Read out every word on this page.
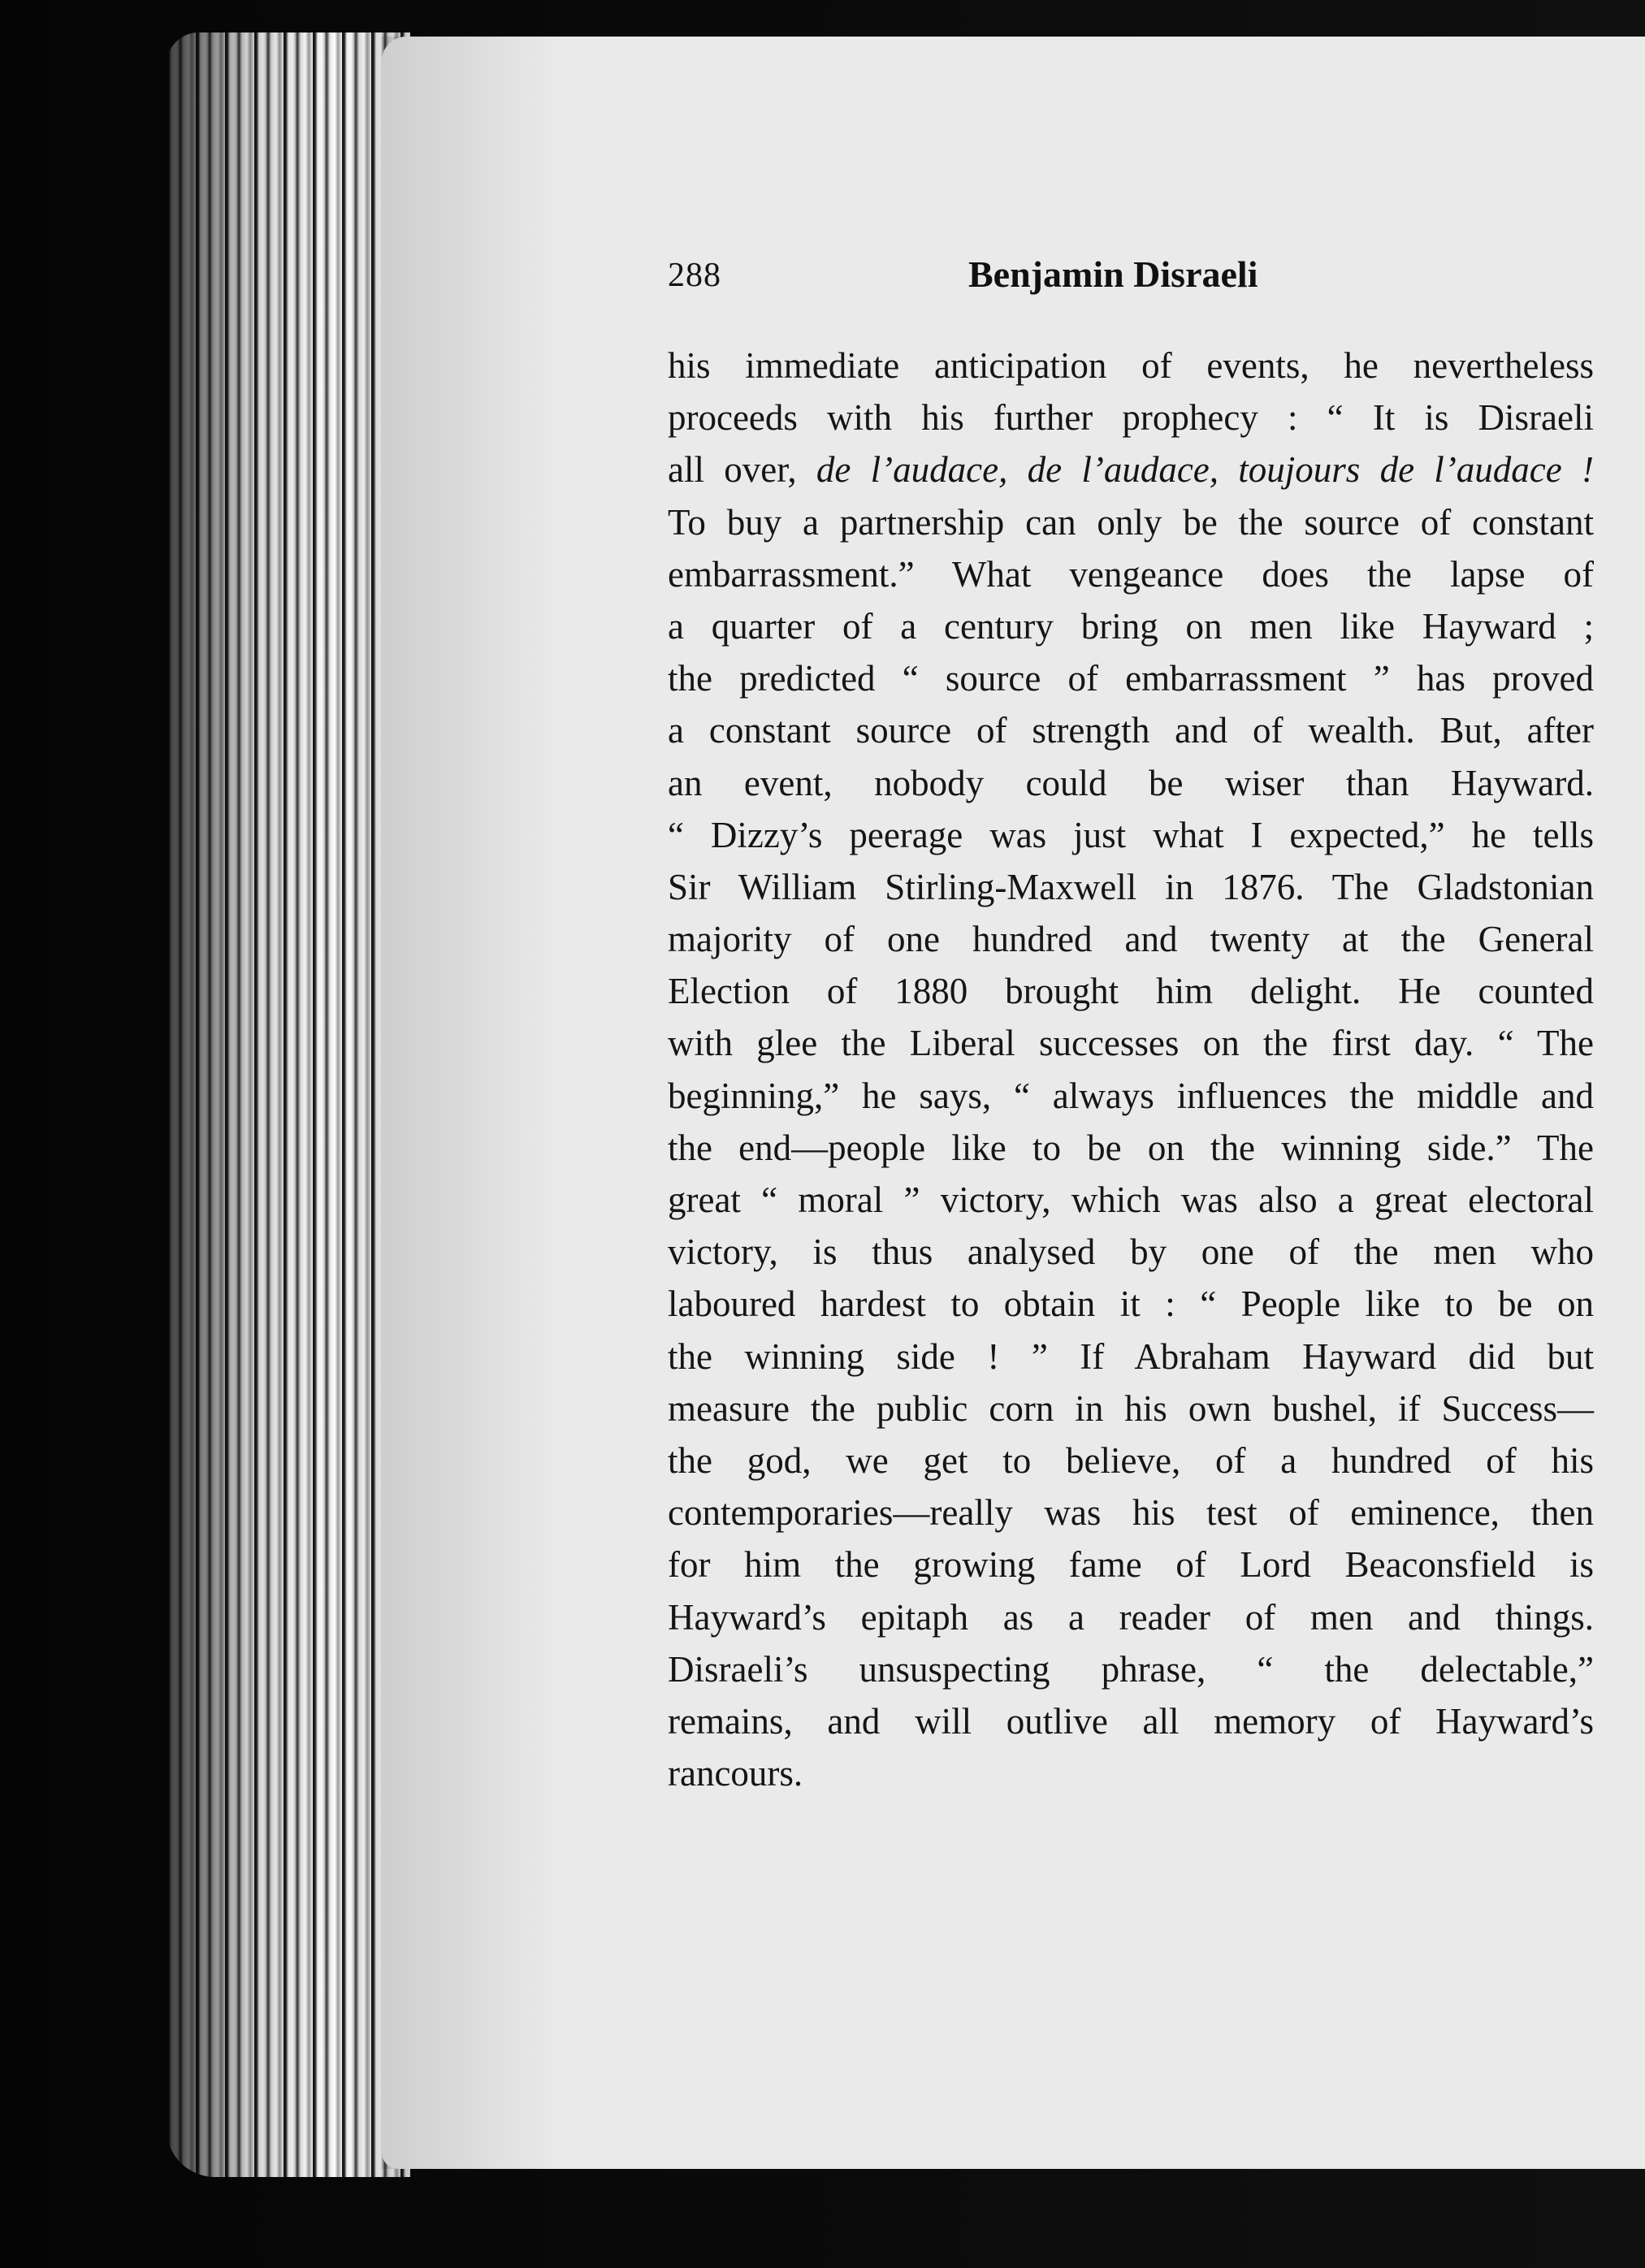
288	Benjamin Disraeli
his immediate anticipation of events, he nevertheless
proceeds with his further prophecy : “ It is Disraeli
all over, de l’audace, de l’audace, toujours de l’audace !
To buy a partnership can only be the source of constant
embarrassment.” What vengeance does the lapse of
a quarter of a century bring on men like Hayward ;
the predicted “ source of embarrassment ” has proved
a constant source of strength and of wealth. But, after
an event, nobody could be wiser than Hayward.
“ Dizzy’s peerage was just what I expected,” he tells
Sir William Stirling-Maxwell in 1876. The Gladstonian
majority of one hundred and twenty at the General
Election of 1880 brought him delight. He counted
with glee the Liberal successes on the first day. “ The
beginning,” he says, “ always influences the middle and
the end—people like to be on the winning side.” The
great “ moral ” victory, which was also a great electoral
victory, is thus analysed by one of the men who
laboured hardest to obtain it : “ People like to be on
the winning side ! ” If Abraham Hayward did but
measure the public corn in his own bushel, if Success—
the god, we get to believe, of a hundred of his
contemporaries—really was his test of eminence, then
for him the growing fame of Lord Beaconsfield is
Hayward’s epitaph as a reader of men and things.
Disraeli’s unsuspecting phrase, “ the delectable,”
remains, and will outlive all memory of Hayward’s
rancours.
